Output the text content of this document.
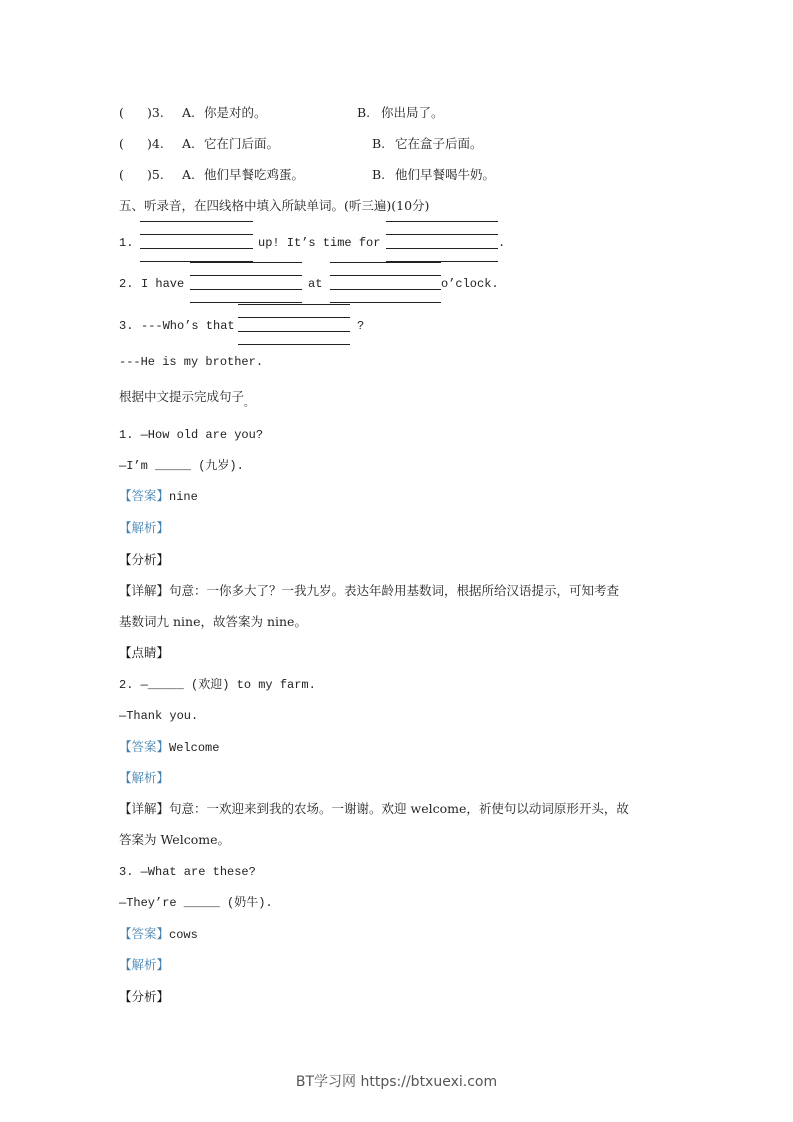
( )3. A. 你是对的。	B. 你出局了。
( )4. A. 它在门后面。	B. 它在盒子后面。
( )5. A. 他们早餐吃鸡蛋。	B. 他们早餐喝牛奶。
五、听录音，在四线格中填入所缺单词。(听三遍)(10分)
1.	up! It’s time for	.
2. I have	at	o’clock.
3. ---Who’s that	?
---He is my brother.
根据中文提示完成句子$_。$
1. —How old are you?
—I’m _____ (九岁).
【答案】nine
【解析】
【分析】
【详解】句意：一你多大了？一我九岁。表达年龄用基数词，根据所给汉语提示，可知考查
基数词九 nine，故答案为 nine。
【点睛】
2. —_____ (欢迎) to my farm.
—Thank you.
【答案】Welcome
【解析】
【详解】句意：一欢迎来到我的农场。一谢谢。欢迎 welcome，祈使句以动词原形开头，故
答案为 Welcome。
3. —What are these?
—They’re _____ (奶牛).
【答案】cows
【解析】
【分析】
BT学习网 https://btxuexi.com
